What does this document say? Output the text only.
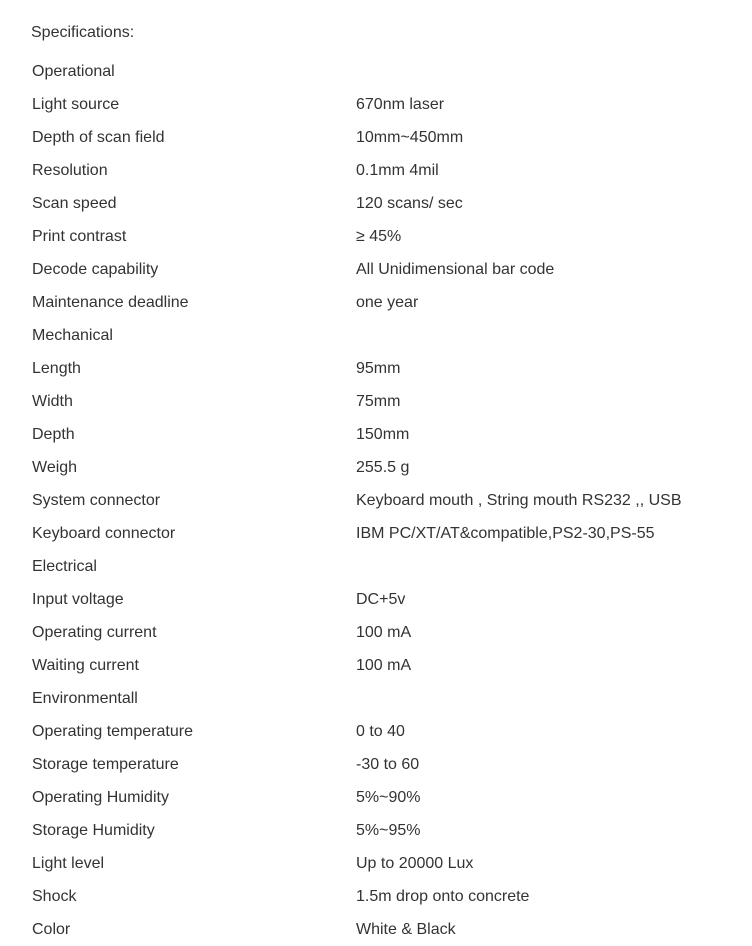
Specifications:
Operational
Light source	670nm laser
Depth of scan field	10mm~450mm
Resolution	0.1mm 4mil
Scan speed	120 scans/ sec
Print contrast	≥ 45%
Decode capability	All Unidimensional bar code
Maintenance deadline	one year
Mechanical
Length	95mm
Width	75mm
Depth	150mm
Weigh	255.5 g
System connector	Keyboard mouth , String mouth RS232 ,, USB
Keyboard connector	IBM PC/XT/AT&compatible,PS2-30,PS-55
Electrical
Input voltage	DC+5v
Operating current	100 mA
Waiting current	100 mA
Environmentall
Operating temperature	0 to 40
Storage temperature	-30 to 60
Operating Humidity	5%~90%
Storage Humidity	5%~95%
Light level	Up to 20000 Lux
Shock	1.5m drop onto concrete
Color	White & Black
